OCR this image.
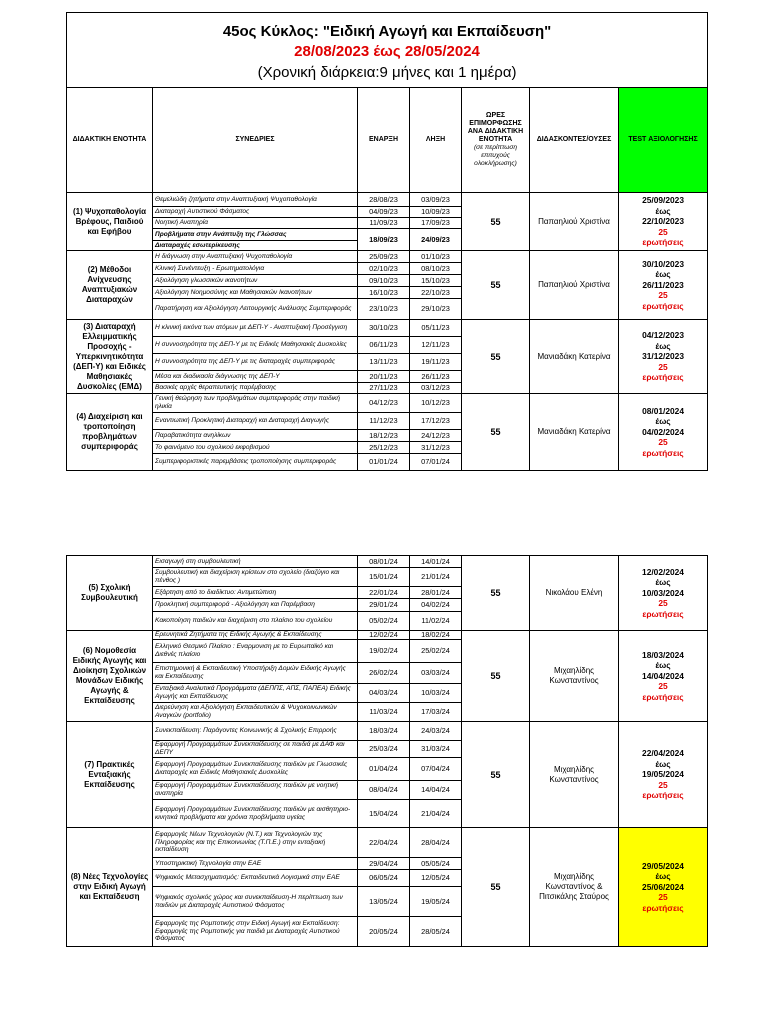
45ος Κύκλος: "Ειδική Αγωγή και Εκπαίδευση"
28/08/2023 έως 28/05/2024
(Χρονική διάρκεια:9 μήνες και 1 ημέρα)						

ΔΙΔΑΚΤΙΚΗ ΕΝΟΤΗΤΑ	ΣΥΝΕΔΡΙΕΣ	ΕΝΑΡΞΗ	ΛΗΞΗ	ΩΡΕΣ ΕΠΙΜΟΡΦΩΣΗΣ ΑΝΑ ΔΙΔΑΚΤΙΚΗ ΕΝΟΤΗΤΑ
(σε περίπτωση επιτυχούς ολοκλήρωσης)	ΔΙΔΑΣΚΟΝΤΕΣ/ΟΥΣΕΣ	TEST ΑΞΙΟΛΟΓΗΣΗΣ
(1) Ψυχοπαθολογία Βρέφους, Παιδιού και Εφήβου	Θεμελιώδη ζητήματα στην Αναπτυξιακή Ψυχοπαθολογία	28/08/23	03/09/23	55	Παπαηλιού Χριστίνα	25/09/2023
έως
22/10/2023
25
ερωτήσεις

	Διαταραχή Αυτιστικού Φάσματος	04/09/23	10/09/23			
	Νοητική Αναπηρία	11/09/23	17/09/23			
	Προβλήματα στην Ανάπτυξη της Γλώσσας	18/09/23	24/09/23			
	Διαταραχές εσωτερίκευσης					
(2) Μέθοδοι Ανίχνευσης Αναπτυξιακών Διαταραχών	Η διάγνωση στην Αναπτυξιακή Ψυχοπαθολογία	25/09/23	01/10/23	55	Παπαηλιού Χριστίνα	30/10/2023
έως
26/11/2023
25
ερωτήσεις

	Κλινική Συνέντευξη - Ερωτηματολόγια	02/10/23	08/10/23			
	Αξιολόγηση γλωσσικών ικανοτήτων	09/10/23	15/10/23			
	Αξιολόγηση Νοημοσύνης και Μαθησιακών Ικανοτήτων	16/10/23	22/10/23			
	Παρατήρηση και Αξιολόγηση Λειτουργικής Ανάλυσης Συμπεριφοράς	23/10/23	29/10/23			
(3) Διαταραχή Ελλειμματικής Προσοχής - Υπερκινητικότητα (ΔΕΠ-Υ) και Ειδικές Μαθησιακές Δυσκολίες (ΕΜΔ)	Η κλινική εικόνα των ατόμων με ΔΕΠ-Υ - Αναπτυξιακή Προσέγγιση	30/10/23	05/11/23	55	Μανιαδάκη Κατερίνα	04/12/2023
έως
31/12/2023
25
ερωτήσεις

	Η συννοσηρότητα της ΔΕΠ-Υ με τις Ειδικές Μαθησιακές Δυσκολίες	06/11/23	12/11/23			
	Η συννοσηρότητα της ΔΕΠ-Υ με τις διαταραχές συμπεριφοράς	13/11/23	19/11/23			
	Μέσα και διαδικασία διάγνωσης της ΔΕΠ-Υ	20/11/23	26/11/23			
	Βασικές αρχές θεραπευτικής παρέμβασης	27/11/23	03/12/23			
(4) Διαχείριση και τροποποίηση προβλημάτων συμπεριφοράς	Γενική θεώρηση των προβλημάτων συμπεριφοράς στην παιδική ηλικία	04/12/23	10/12/23	55	Μανιαδάκη Κατερίνα	08/01/2024
έως
04/02/2024
25
ερωτήσεις

	Εναντιωτική Προκλητική Διαταραχή και Διαταραχή Διαγωγής	11/12/23	17/12/23			
	Παραβατικότητα ανηλίκων	18/12/23	24/12/23			
	Το φαινόμενο του σχολικού εκφοβισμού	25/12/23	31/12/23			
	Συμπεριφοριστικές παρεμβάσεις τροποποίησης συμπεριφοράς	01/01/24	07/01/24			
(5) Σχολική Συμβουλευτική	Εισαγωγή στη συμβουλευτική	08/01/24	14/01/24	55	Νικολάου Ελένη	12/02/2024
έως
10/03/2024
25
ερωτήσεις

	Συμβουλευτική και διαχείριση κρίσεων στο σχολείο (διαζύγιο και πένθος )	15/01/24	21/01/24			
	Εξάρτηση από το διαδίκτυο: Αντιμετώπιση	22/01/24	28/01/24			
	Προκλητική συμπεριφορά - Αξιολόγηση και Παρέμβαση	29/01/24	04/02/24			
	Κακοποίηση παιδιών και διαχείριση στο πλαίσιο του σχολείου	05/02/24	11/02/24			
(6) Νομοθεσία Ειδικής Αγωγής και Διοίκηση Σχολικών Μονάδων Ειδικής Αγωγής & Εκπαίδευσης	Ερευνητικά Ζητήματα της Ειδικής Αγωγής & Εκπαίδευσης	12/02/24	18/02/24	55	Μιχαηλίδης Κωνσταντίνος	18/03/2024
έως
14/04/2024
25
ερωτήσεις

	Ελληνικό Θεσμικό Πλαίσιο : Εναρμονιση με το Ευρωπαϊκό και Διεθνές πλαίσιο	19/02/24	25/02/24			
	Επιστημονική & Εκπαιδευτική Υποστήριξη Δομών Ειδικής Αγωγής και Εκπαίδευσης	26/02/24	03/03/24			
	Ενταξιακά Αναλυτικά Προγράμματα (ΔΕΠΠΣ, ΑΠΣ, ΠΑΠΕΑ) Ειδικής Αγωγής και Εκπαίδευσης	04/03/24	10/03/24			
	Διερεύνηση και Αξιολόγηση Εκπαιδευτικών & Ψυχοκοινωνικών Αναγκών (portfolio)	11/03/24	17/03/24			
(7) Πρακτικές Ενταξιακής Εκπαίδευσης	Συνεκπαίδευση: Παράγοντες Κοινωνικής & Σχολικής Επιρροής	18/03/24	24/03/24	55	Μιχαηλίδης Κωνσταντίνος	22/04/2024
έως
19/05/2024
25
ερωτήσεις

	Εφαρμογή Προγραμμάτων Συνεκπαίδευσης σε παιδιά με ΔΑΦ και ΔΕΠΥ	25/03/24	31/03/24			
	Εφαρμογή Προγραμμάτων Συνεκπαίδευσης παιδιών με Γλωσσικές Διαταραχές και Ειδικές Μαθησιακές Δυσκολίες	01/04/24	07/04/24			
	Εφαρμογή Προγραμμάτων Συνεκπαίδευσης παιδιών με νοητική αναπηρία	08/04/24	14/04/24			
	Εφαρμογή Προγραμμάτων Συνεκπαίδευσης παιδιών με αισθητηριο-κινητικά προβλήματα και χρόνια προβλήματα υγείας	15/04/24	21/04/24			
(8) Νέες Τεχνολογίες στην Ειδική Αγωγή και Εκπαίδευση	Εφαρμογές Νέων Τεχνολογιών (Ν.Τ.) και Τεχνολογιών της Πληροφορίας και της Επικοινωνίας (Τ.Π.Ε.) στην ενταξιακή εκπαίδευση	22/04/24	28/04/24	55	Μιχαηλίδης Κωνσταντίνος & Πιτσικάλης Σταύρος	29/05/2024
έως
25/06/2024
25
ερωτήσεις

	Υποστηρικτική Τεχνολογία στην ΕΑΕ	29/04/24	05/05/24			
	Ψηφιακός Μετασχηματισμός: Εκπαιδευτικά Λογισμικά στην ΕΑΕ	06/05/24	12/05/24			
	Ψηφιακός σχολικός χώρος και συνεκπαίδευση-Η περίπτωση των παιδιών με Διαταραχές Αυτιστικού Φάσματος	13/05/24	19/05/24			
	Εφαρμογές της Ρομποτικής στην Ειδική Αγωγή και Εκπαίδευση: Εφαρμογές της Ρομποτικής για παιδιά με Διαταραχές Αυτιστικού Φάσματος	20/05/24	28/05/24			
